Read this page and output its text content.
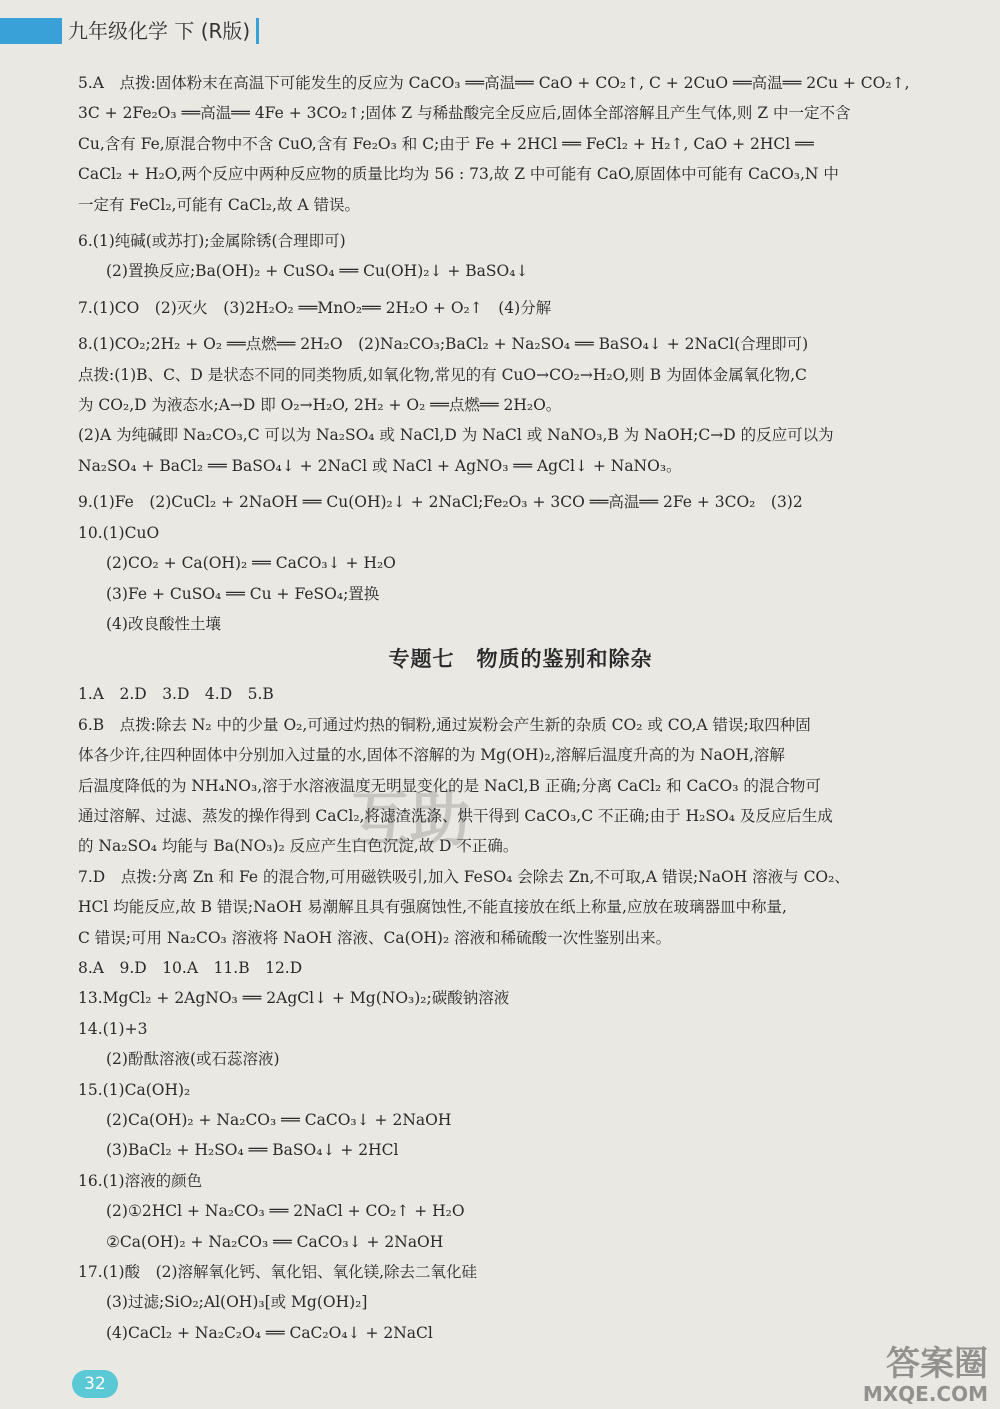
九年级化学 下 (R版)
5.A　点拨:固体粉末在高温下可能发生的反应为 CaCO₃ ══高温══ CaO + CO₂↑, C + 2CuO ══高温══ 2Cu + CO₂↑,
3C + 2Fe₂O₃ ══高温══ 4Fe + 3CO₂↑;固体 Z 与稀盐酸完全反应后,固体全部溶解且产生气体,则 Z 中一定不含
Cu,含有 Fe,原混合物中不含 CuO,含有 Fe₂O₃ 和 C;由于 Fe + 2HCl ══ FeCl₂ + H₂↑, CaO + 2HCl ══
CaCl₂ + H₂O,两个反应中两种反应物的质量比均为 56 : 73,故 Z 中可能有 CaO,原固体中可能有 CaCO₃,N 中
一定有 FeCl₂,可能有 CaCl₂,故 A 错误。
6.(1)纯碱(或苏打);金属除锈(合理即可)
(2)置换反应;Ba(OH)₂ + CuSO₄ ══ Cu(OH)₂↓ + BaSO₄↓
7.(1)CO　(2)灭火　(3)2H₂O₂ ══MnO₂══ 2H₂O + O₂↑　(4)分解
8.(1)CO₂;2H₂ + O₂ ══点燃══ 2H₂O　(2)Na₂CO₃;BaCl₂ + Na₂SO₄ ══ BaSO₄↓ + 2NaCl(合理即可)
点拨:(1)B、C、D 是状态不同的同类物质,如氧化物,常见的有 CuO→CO₂→H₂O,则 B 为固体金属氧化物,C
为 CO₂,D 为液态水;A→D 即 O₂→H₂O, 2H₂ + O₂ ══点燃══ 2H₂O。
(2)A 为纯碱即 Na₂CO₃,C 可以为 Na₂SO₄ 或 NaCl,D 为 NaCl 或 NaNO₃,B 为 NaOH;C→D 的反应可以为
Na₂SO₄ + BaCl₂ ══ BaSO₄↓ + 2NaCl 或 NaCl + AgNO₃ ══ AgCl↓ + NaNO₃。
9.(1)Fe　(2)CuCl₂ + 2NaOH ══ Cu(OH)₂↓ + 2NaCl;Fe₂O₃ + 3CO ══高温══ 2Fe + 3CO₂　(3)2
10.(1)CuO
(2)CO₂ + Ca(OH)₂ ══ CaCO₃↓ + H₂O
(3)Fe + CuSO₄ ══ Cu + FeSO₄;置换
(4)改良酸性土壤
专题七　物质的鉴别和除杂
1.A　2.D　3.D　4.D　5.B
6.B　点拨:除去 N₂ 中的少量 O₂,可通过灼热的铜粉,通过炭粉会产生新的杂质 CO₂ 或 CO,A 错误;取四种固
体各少许,往四种固体中分别加入过量的水,固体不溶解的为 Mg(OH)₂,溶解后温度升高的为 NaOH,溶解
后温度降低的为 NH₄NO₃,溶于水溶液温度无明显变化的是 NaCl,B 正确;分离 CaCl₂ 和 CaCO₃ 的混合物可
通过溶解、过滤、蒸发的操作得到 CaCl₂,将滤渣洗涤、烘干得到 CaCO₃,C 不正确;由于 H₂SO₄ 及反应后生成
的 Na₂SO₄ 均能与 Ba(NO₃)₂ 反应产生白色沉淀,故 D 不正确。
7.D　点拨:分离 Zn 和 Fe 的混合物,可用磁铁吸引,加入 FeSO₄ 会除去 Zn,不可取,A 错误;NaOH 溶液与 CO₂、
HCl 均能反应,故 B 错误;NaOH 易潮解且具有强腐蚀性,不能直接放在纸上称量,应放在玻璃器皿中称量,
C 错误;可用 Na₂CO₃ 溶液将 NaOH 溶液、Ca(OH)₂ 溶液和稀硫酸一次性鉴别出来。
8.A　9.D　10.A　11.B　12.D
13.MgCl₂ + 2AgNO₃ ══ 2AgCl↓ + Mg(NO₃)₂;碳酸钠溶液
14.(1)+3
(2)酚酞溶液(或石蕊溶液)
15.(1)Ca(OH)₂
(2)Ca(OH)₂ + Na₂CO₃ ══ CaCO₃↓ + 2NaOH
(3)BaCl₂ + H₂SO₄ ══ BaSO₄↓ + 2HCl
16.(1)溶液的颜色
(2)①2HCl + Na₂CO₃ ══ 2NaCl + CO₂↑ + H₂O
②Ca(OH)₂ + Na₂CO₃ ══ CaCO₃↓ + 2NaOH
17.(1)酸　(2)溶解氧化钙、氧化铝、氧化镁,除去二氧化硅
(3)过滤;SiO₂;Al(OH)₃[或 Mg(OH)₂]
(4)CaCl₂ + Na₂C₂O₄ ══ CaC₂O₄↓ + 2NaCl
互助
32	答案圈
MXQE.COM
